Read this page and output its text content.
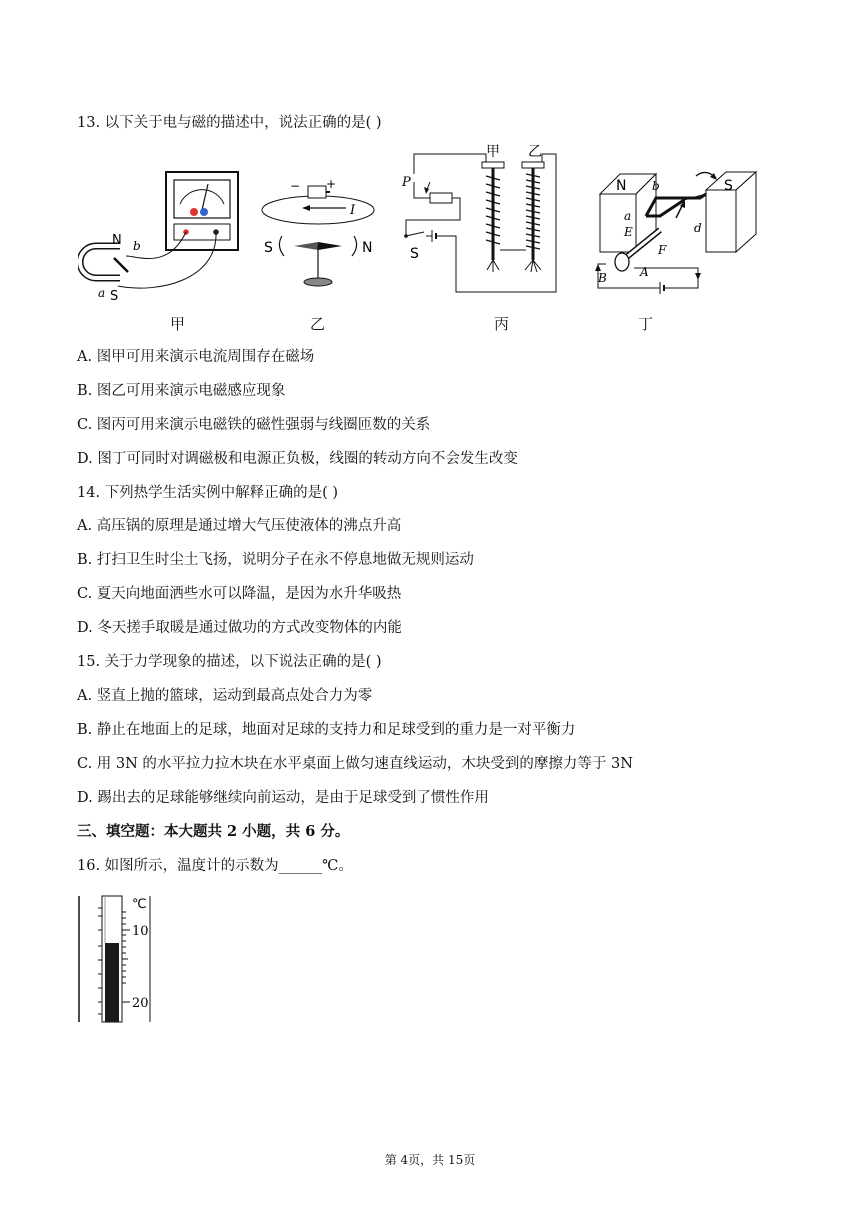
13. 以下关于电与磁的描述中，说法正确的是( )
N b
a S
− +
I
S	N
甲 乙
P
S
N	S
b
a
E	d
F
B	A
甲	乙	丙	丁
A. 图甲可用来演示电流周围存在磁场
B. 图乙可用来演示电磁感应现象
C. 图丙可用来演示电磁铁的磁性强弱与线圈匝数的关系
D. 图丁可同时对调磁极和电源正负极，线圈的转动方向不会发生改变
14. 下列热学生活实例中解释正确的是( )
A. 高压锅的原理是通过增大气压使液体的沸点升高
B. 打扫卫生时尘土飞扬，说明分子在永不停息地做无规则运动
C. 夏天向地面洒些水可以降温，是因为水升华吸热
D. 冬天搓手取暖是通过做功的方式改变物体的内能
15. 关于力学现象的描述，以下说法正确的是( )
A. 竖直上抛的篮球，运动到最高点处合力为零
B. 静止在地面上的足球，地面对足球的支持力和足球受到的重力是一对平衡力
C. 用 3N 的水平拉力拉木块在水平桌面上做匀速直线运动，木块受到的摩擦力等于 3N
D. 踢出去的足球能够继续向前运动，是由于足球受到了惯性作用
三、填空题：本大题共 2 小题，共 6 分。
16. 如图所示，温度计的示数为______℃。
℃
10
20
第 4页，共 15页
